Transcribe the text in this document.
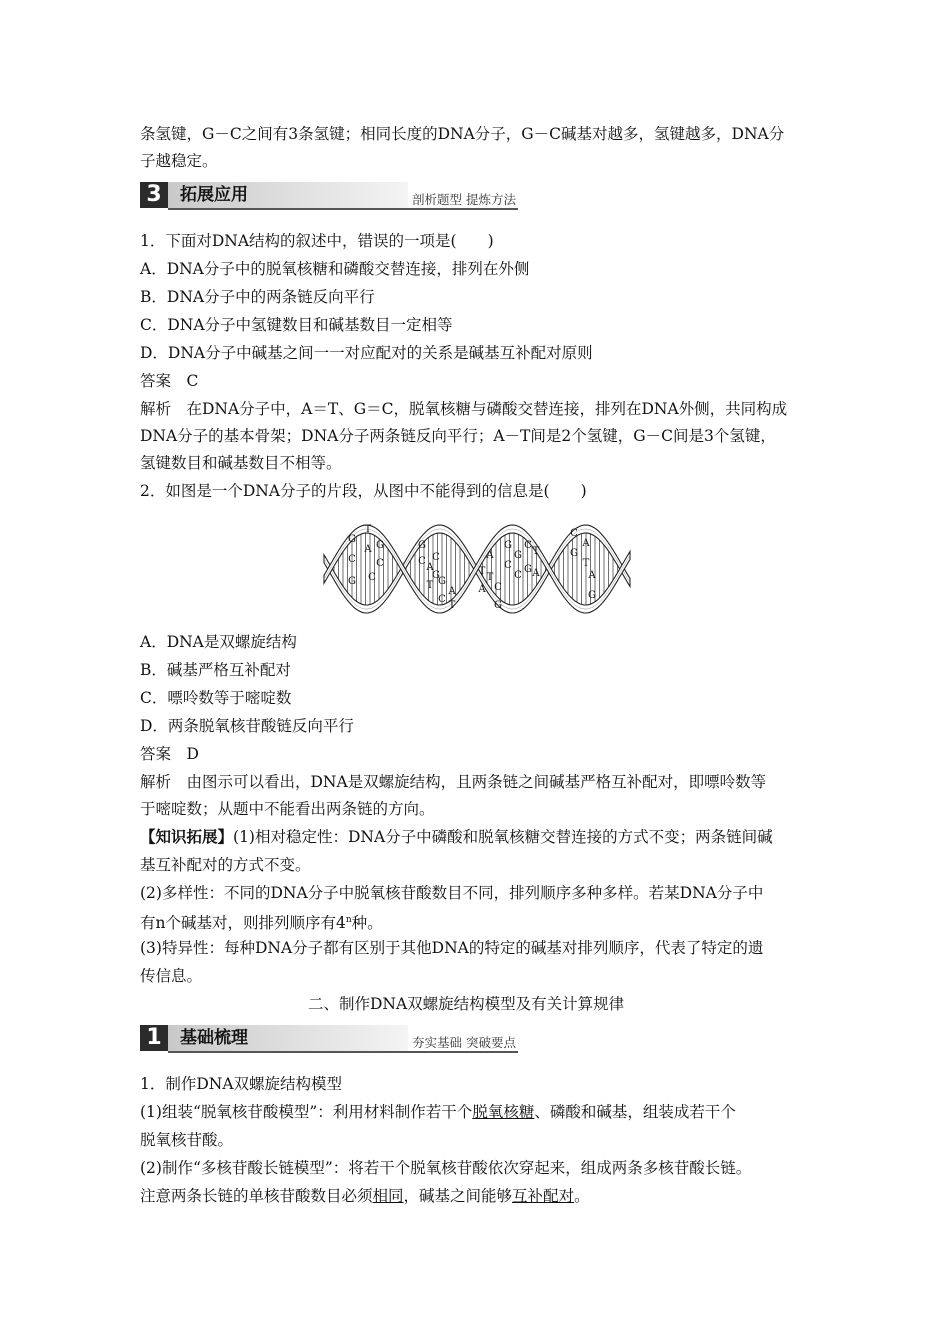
条氢键，G－C之间有3条氢键；相同长度的DNA分子，G－C碱基对越多，氢键越多，DNA分
子越稳定。
3	拓展应用	剖析题型 提炼方法
1．下面对DNA结构的叙述中，错误的一项是(　　)
A．DNA分子中的脱氧核糖和磷酸交替连接，排列在外侧
B．DNA分子中的两条链反向平行
C．DNA分子中氢键数目和碱基数目一定相等
D．DNA分子中碱基之间一一对应配对的关系是碱基互补配对原则
答案　C
解析　在DNA分子中，A＝T、G＝C，脱氧核糖与磷酸交替连接，排列在DNA外侧，共同构成
DNA分子的基本骨架；DNA分子两条链反向平行；A－T间是2个氢键，G－C间是3个氢键，
氢键数目和碱基数目不相等。
2．如图是一个DNA分子的片段，从图中不能得到的信息是(　　)
G
C
T
A G
C
C
G
G
C
A
T
C
G
G
C
A
T
T
A
A
T
C
G
G
C
G
C
C
G
T
A
C
G
A
T
A
G
A．DNA是双螺旋结构
B．碱基严格互补配对
C．嘌呤数等于嘧啶数
D．两条脱氧核苷酸链反向平行
答案　D
解析　由图示可以看出，DNA是双螺旋结构，且两条链之间碱基严格互补配对，即嘌呤数等
于嘧啶数；从题中不能看出两条链的方向。
【知识拓展】(1)相对稳定性：DNA分子中磷酸和脱氧核糖交替连接的方式不变；两条链间碱
基互补配对的方式不变。
(2)多样性：不同的DNA分子中脱氧核苷酸数目不同，排列顺序多种多样。若某DNA分子中
有n个碱基对，则排列顺序有4$^n$种。
(3)特异性：每种DNA分子都有区别于其他DNA的特定的碱基对排列顺序，代表了特定的遗
传信息。
二、制作DNA双螺旋结构模型及有关计算规律
1	基础梳理	夯实基础 突破要点
1．制作DNA双螺旋结构模型
(1)组装“脱氧核苷酸模型”：利用材料制作若干个脱氧核糖、磷酸和碱基，组装成若干个
脱氧核苷酸。
(2)制作“多核苷酸长链模型”：将若干个脱氧核苷酸依次穿起来，组成两条多核苷酸长链。
注意两条长链的单核苷酸数目必须相同，碱基之间能够互补配对。
